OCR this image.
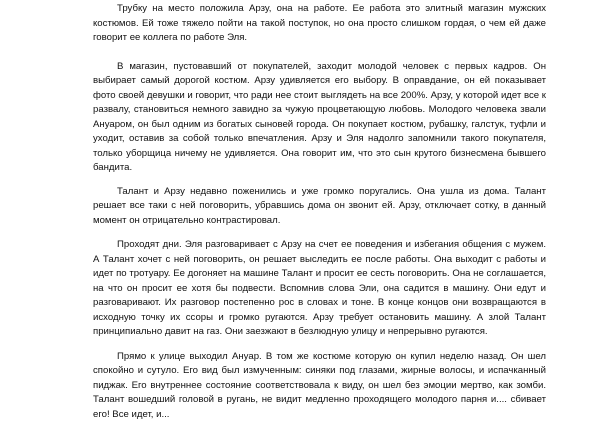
Трубку на место положила Арзу, она на работе. Ее работа это элитный магазин мужских костюмов. Ей тоже тяжело пойти на такой поступок, но она просто слишком гордая, о чем ей даже говорит ее коллега по работе Эля.

В магазин, пустовавший от покупателей, заходит молодой человек с первых кадров. Он выбирает самый дорогой костюм. Арзу удивляется его выбору. В оправдание, он ей показывает фото своей девушки и говорит, что ради нее стоит выглядеть на все 200%. Арзу, у которой идет все к развалу, становиться немного завидно за чужую процветающую любовь. Молодого человека звали Ануаром, он был одним из богатых сыновей города. Он покупает костюм, рубашку, галстук, туфли и уходит, оставив за собой только впечатления. Арзу и Эля надолго запомнили такого покупателя, только уборщица ничему не удивляется. Она говорит им, что это сын крутого бизнесмена бывшего бандита.

Талант и Арзу недавно поженились и уже громко поругались. Она ушла из дома. Талант решает все таки с ней поговорить, убравшись дома он звонит ей. Арзу, отключает сотку, в данный момент он отрицательно контрастировал.

Проходят дни. Эля разговаривает с Арзу на счет ее поведения и избегания общения с мужем. А Талант хочет с ней поговорить, он решает выследить ее после работы. Она выходит с работы и идет по тротуару. Ее догоняет на машине Талант и просит ее сесть поговорить. Она не соглашается, на что он просит ее хотя бы подвести. Вспомнив слова Эли, она садится в машину. Они едут и разговаривают. Их разговор постепенно рос в словах и тоне. В конце концов они возвращаются в исходную точку их ссоры и громко ругаются. Арзу требует остановить машину. А злой Талант принципиально давит на газ. Они заезжают в безлюдную улицу и непрерывно ругаются.

Прямо к улице выходил Ануар. В том же костюме которую он купил неделю назад. Он шел спокойно и сутуло. Его вид был измученным: синяки под глазами, жирные волосы, и испачканный пиджак. Его внутреннее состояние соответствовала к виду, он шел без эмоции мертво, как зомби. Талант вошедший головой в ругань, не видит медленно проходящего молодого парня и.... сбивает его! Все идет, и...
